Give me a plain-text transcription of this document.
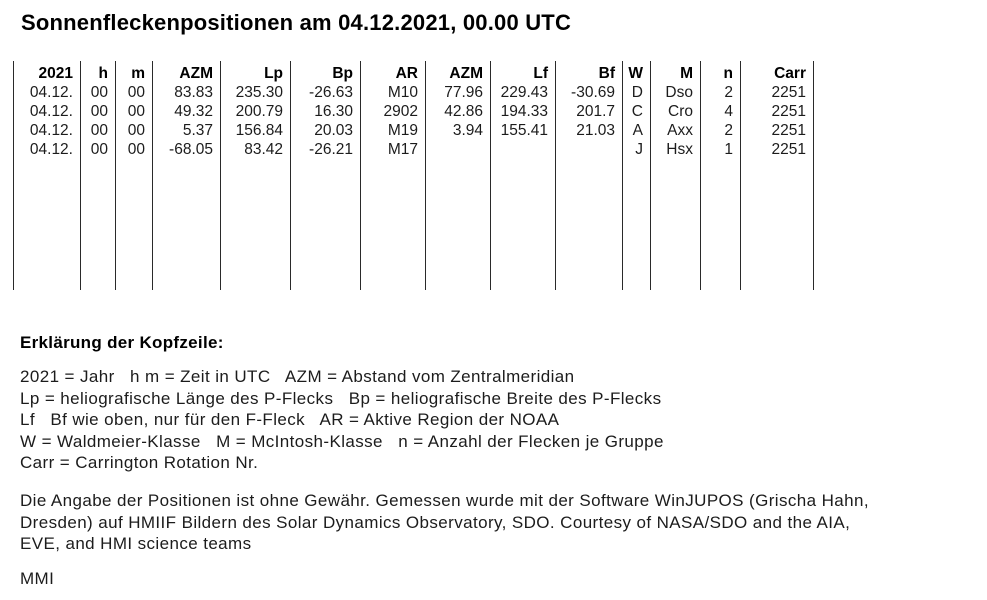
Sonnenfleckenpositionen am 04.12.2021, 00.00 UTC
2021	h	m	AZM	Lp	Bp	AR	AZM	Lf	Bf	W	M	n	Carr
04.12.	00	00	83.83	235.30	-26.63	M10	77.96	229.43	-30.69	D	Dso	2	2251
04.12.	00	00	49.32	200.79	16.30	2902	42.86	194.33	201.7	C	Cro	4	2251
04.12.	00	00	5.37	156.84	20.03	M19	3.94	155.41	21.03	A	Axx	2	2251
04.12.	00	00	-68.05	83.42	-26.21	M17				J	Hsx	1	2251

Erklärung der Kopfzeile:
2021 = Jahr   h m = Zeit in UTC   AZM = Abstand vom Zentralmeridian
Lp = heliografische Länge des P-Flecks   Bp = heliografische Breite des P-Flecks
Lf   Bf wie oben, nur für den F-Fleck   AR = Aktive Region der NOAA
W = Waldmeier-Klasse   M = McIntosh-Klasse   n = Anzahl der Flecken je Gruppe
Carr = Carrington Rotation Nr.
Die Angabe der Positionen ist ohne Gewähr. Gemessen wurde mit der Software WinJUPOS (Grischa Hahn,
Dresden) auf HMIIF Bildern des Solar Dynamics Observatory, SDO. Courtesy of NASA/SDO and the AIA,
EVE, and HMI science teams
MMI
